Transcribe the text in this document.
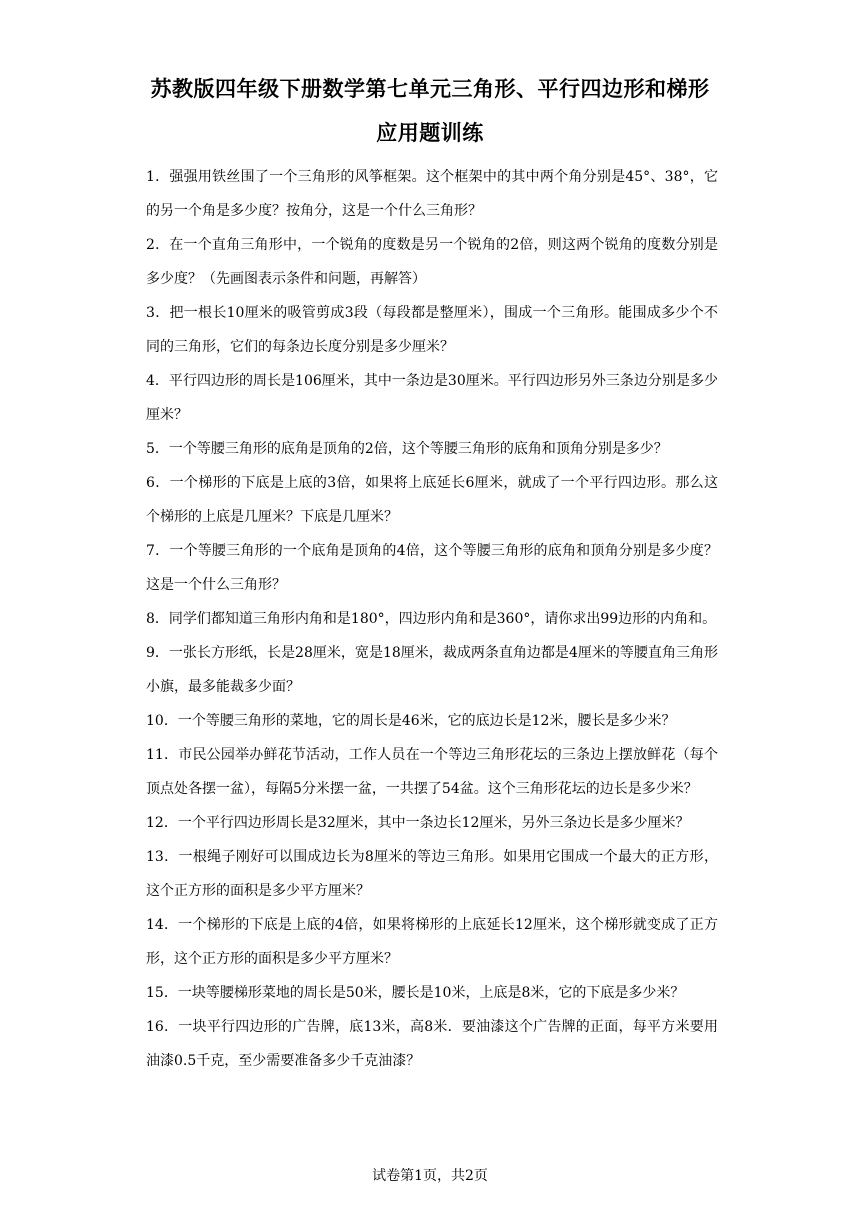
苏教版四年级下册数学第七单元三角形、平行四边形和梯形
应用题训练

1．强强用铁丝围了一个三角形的风筝框架。这个框架中的其中两个角分别是45°、38°，它的另一个角是多少度？按角分，这是一个什么三角形？

2．在一个直角三角形中，一个锐角的度数是另一个锐角的2倍，则这两个锐角的度数分别是多少度？（先画图表示条件和问题，再解答）

3．把一根长10厘米的吸管剪成3段（每段都是整厘米），围成一个三角形。能围成多少个不同的三角形，它们的每条边长度分别是多少厘米？

4．平行四边形的周长是106厘米，其中一条边是30厘米。平行四边形另外三条边分别是多少厘米？

5．一个等腰三角形的底角是顶角的2倍，这个等腰三角形的底角和顶角分别是多少？

6．一个梯形的下底是上底的3倍，如果将上底延长6厘米，就成了一个平行四边形。那么这个梯形的上底是几厘米？下底是几厘米？

7．一个等腰三角形的一个底角是顶角的4倍，这个等腰三角形的底角和顶角分别是多少度？这是一个什么三角形？

8．同学们都知道三角形内角和是180°，四边形内角和是360°，请你求出99边形的内角和。

9．一张长方形纸，长是28厘米，宽是18厘米，裁成两条直角边都是4厘米的等腰直角三角形小旗，最多能裁多少面？

10．一个等腰三角形的菜地，它的周长是46米，它的底边长是12米，腰长是多少米？

11．市民公园举办鲜花节活动，工作人员在一个等边三角形花坛的三条边上摆放鲜花（每个顶点处各摆一盆），每隔5分米摆一盆，一共摆了54盆。这个三角形花坛的边长是多少米？

12．一个平行四边形周长是32厘米，其中一条边长12厘米，另外三条边长是多少厘米？

13．一根绳子刚好可以围成边长为8厘米的等边三角形。如果用它围成一个最大的正方形，这个正方形的面积是多少平方厘米？

14．一个梯形的下底是上底的4倍，如果将梯形的上底延长12厘米，这个梯形就变成了正方形，这个正方形的面积是多少平方厘米？

15．一块等腰梯形菜地的周长是50米，腰长是10米，上底是8米，它的下底是多少米？

16．一块平行四边形的广告牌，底13米，高8米．要油漆这个广告牌的正面，每平方米要用油漆0.5千克，至少需要准备多少千克油漆？

试卷第1页，共2页
